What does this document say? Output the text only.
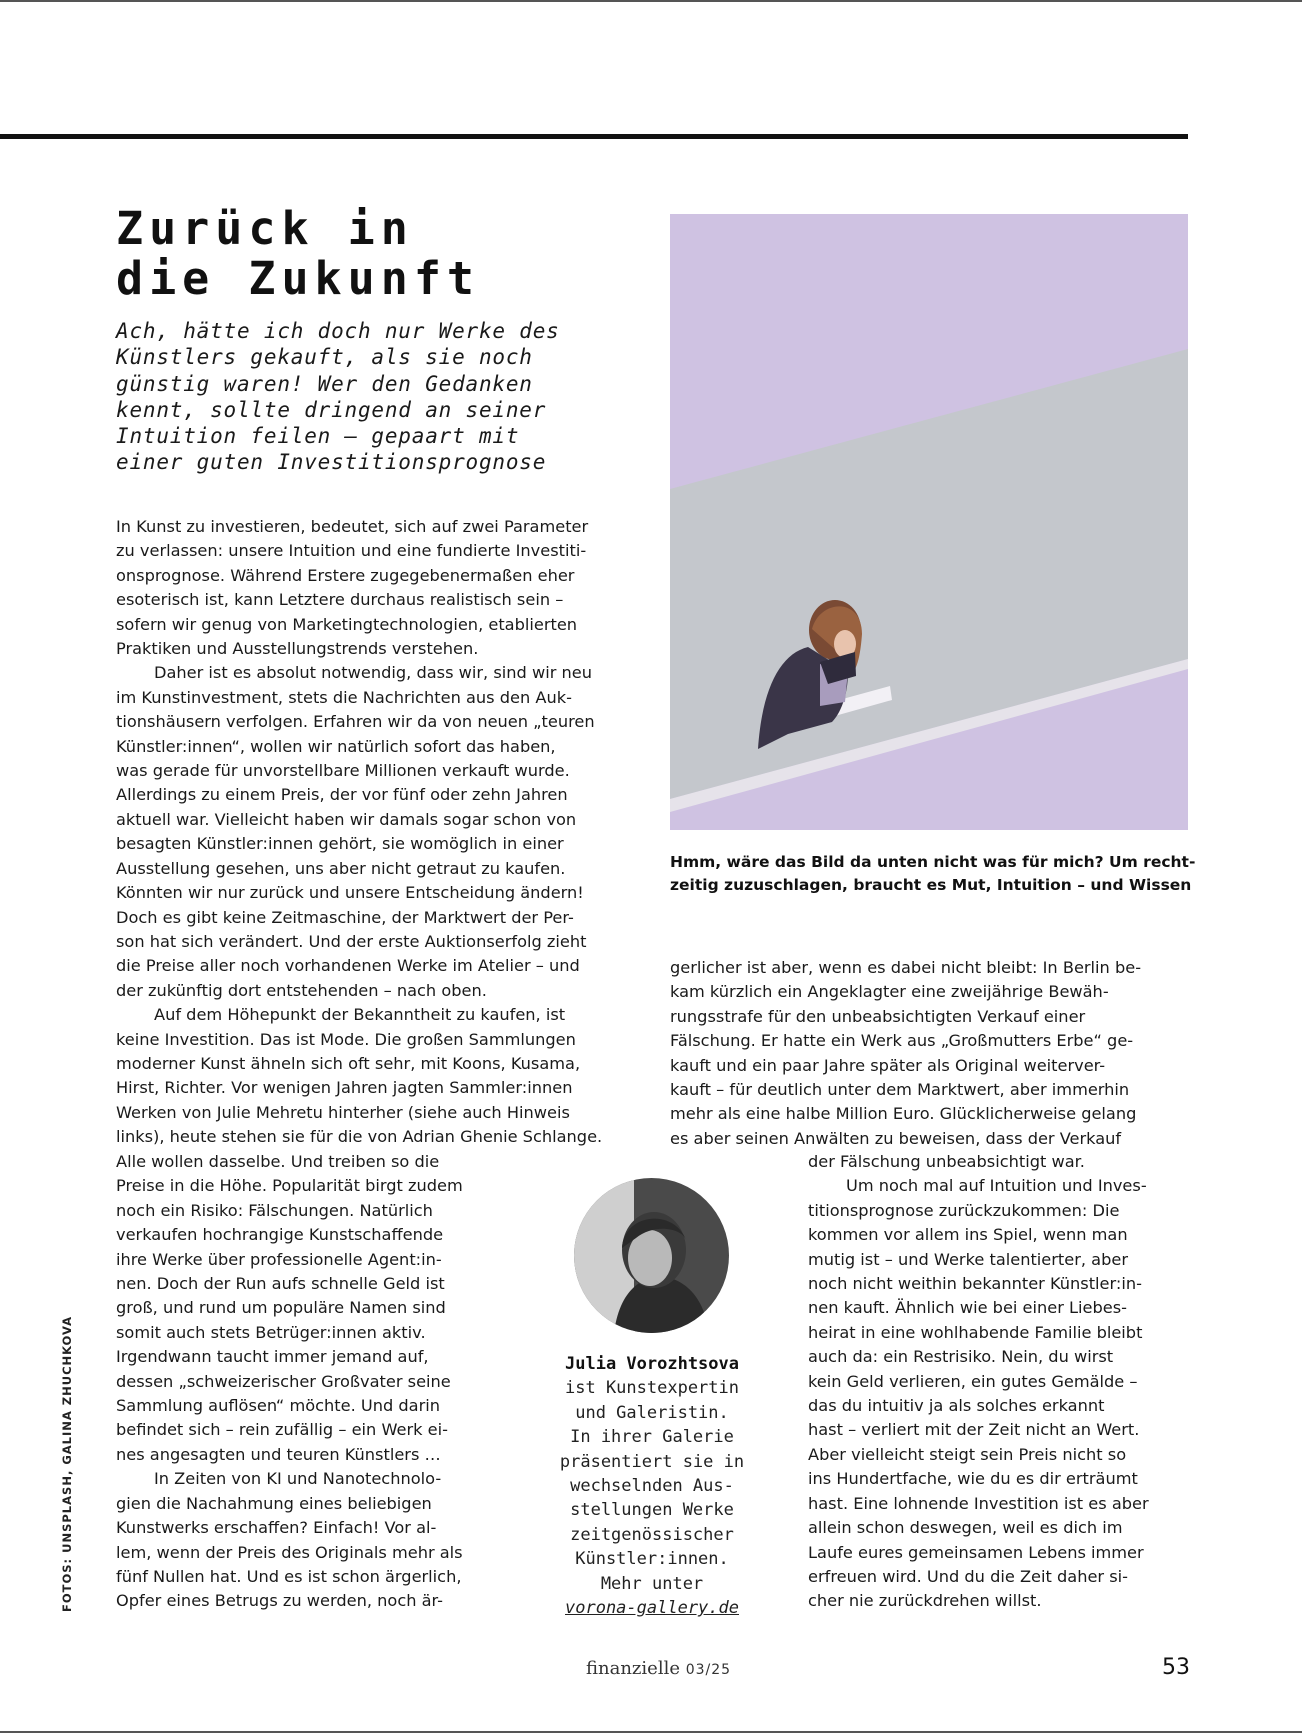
Zurück in
die Zukunft
Ach, hätte ich doch nur Werke des
Künstlers gekauft, als sie noch
günstig waren! Wer den Gedanken
kennt, sollte dringend an seiner
Intuition feilen – gepaart mit
einer guten Investitionsprognose
Hmm, wäre das Bild da unten nicht was für mich? Um recht-
zeitig zuzuschlagen, braucht es Mut, Intuition – und Wissen
In Kunst zu investieren, bedeutet, sich auf zwei Parameter
zu verlassen: unsere Intuition und eine fundierte Investiti-
onsprognose. Während Erstere zugegebenermaßen eher
esoterisch ist, kann Letztere durchaus realistisch sein –
sofern wir genug von Marketingtechnologien, etablierten
Praktiken und Ausstellungstrends verstehen.
Daher ist es absolut notwendig, dass wir, sind wir neu
im Kunstinvestment, stets die Nachrichten aus den Auk-
tionshäusern verfolgen. Erfahren wir da von neuen „teuren
Künstler:innen“, wollen wir natürlich sofort das haben,
was gerade für unvorstellbare Millionen verkauft wurde.
Allerdings zu einem Preis, der vor fünf oder zehn Jahren
aktuell war. Vielleicht haben wir damals sogar schon von
besagten Künstler:innen gehört, sie womöglich in einer
Ausstellung gesehen, uns aber nicht getraut zu kaufen.
Könnten wir nur zurück und unsere Entscheidung ändern!
Doch es gibt keine Zeitmaschine, der Marktwert der Per-
son hat sich verändert. Und der erste Auktionserfolg zieht
die Preise aller noch vorhandenen Werke im Atelier – und
der zukünftig dort entstehenden – nach oben.
Auf dem Höhepunkt der Bekanntheit zu kaufen, ist
keine Investition. Das ist Mode. Die großen Sammlungen
moderner Kunst ähneln sich oft sehr, mit Koons, Kusama,
Hirst, Richter. Vor wenigen Jahren jagten Sammler:innen
Werken von Julie Mehretu hinterher (siehe auch Hinweis
links), heute stehen sie für die von Adrian Ghenie Schlange.
Alle wollen dasselbe. Und treiben so die
Preise in die Höhe. Popularität birgt zudem
noch ein Risiko: Fälschungen. Natürlich
verkaufen hochrangige Kunstschaffende
ihre Werke über professionelle Agent:in-
nen. Doch der Run aufs schnelle Geld ist
groß, und rund um populäre Namen sind
somit auch stets Betrüger:innen aktiv.
Irgendwann taucht immer jemand auf,
dessen „schweizerischer Großvater seine
Sammlung auflösen“ möchte. Und darin
befindet sich – rein zufällig – ein Werk ei-
nes angesagten und teuren Künstlers …
In Zeiten von KI und Nanotechnolo-
gien die Nachahmung eines beliebigen
Kunstwerks erschaffen? Einfach! Vor al-
lem, wenn der Preis des Originals mehr als
fünf Nullen hat. Und es ist schon ärgerlich,
Opfer eines Betrugs zu werden, noch är-
Julia Vorozhtsova
ist Kunstexpertin
und Galeristin.
In ihrer Galerie
präsentiert sie in
wechselnden Aus-
stellungen Werke
zeitgenössischer
Künstler:innen.
Mehr unter
vorona-gallery.de
gerlicher ist aber, wenn es dabei nicht bleibt: In Berlin be-
kam kürzlich ein Angeklagter eine zweijährige Bewäh-
rungsstrafe für den unbeabsichtigten Verkauf einer
Fälschung. Er hatte ein Werk aus „Großmutters Erbe“ ge-
kauft und ein paar Jahre später als Original weiterver-
kauft – für deutlich unter dem Marktwert, aber immerhin
mehr als eine halbe Million Euro. Glücklicherweise gelang
es aber seinen Anwälten zu beweisen, dass der Verkauf
der Fälschung unbeabsichtigt war.
Um noch mal auf Intuition und Inves-
titionsprognose zurückzukommen: Die
kommen vor allem ins Spiel, wenn man
mutig ist – und Werke talentierter, aber
noch nicht weithin bekannter Künstler:in-
nen kauft. Ähnlich wie bei einer Liebes-
heirat in eine wohlhabende Familie bleibt
auch da: ein Restrisiko. Nein, du wirst
kein Geld verlieren, ein gutes Gemälde –
das du intuitiv ja als solches erkannt
hast – verliert mit der Zeit nicht an Wert.
Aber vielleicht steigt sein Preis nicht so
ins Hundertfache, wie du es dir erträumt
hast. Eine lohnende Investition ist es aber
allein schon deswegen, weil es dich im
Laufe eures gemeinsamen Lebens immer
erfreuen wird. Und du die Zeit daher si-
cher nie zurückdrehen willst.
FOTOS: UNSPLASH, GALINA ZHUCHKOVA
finanzielle 03/25	53
